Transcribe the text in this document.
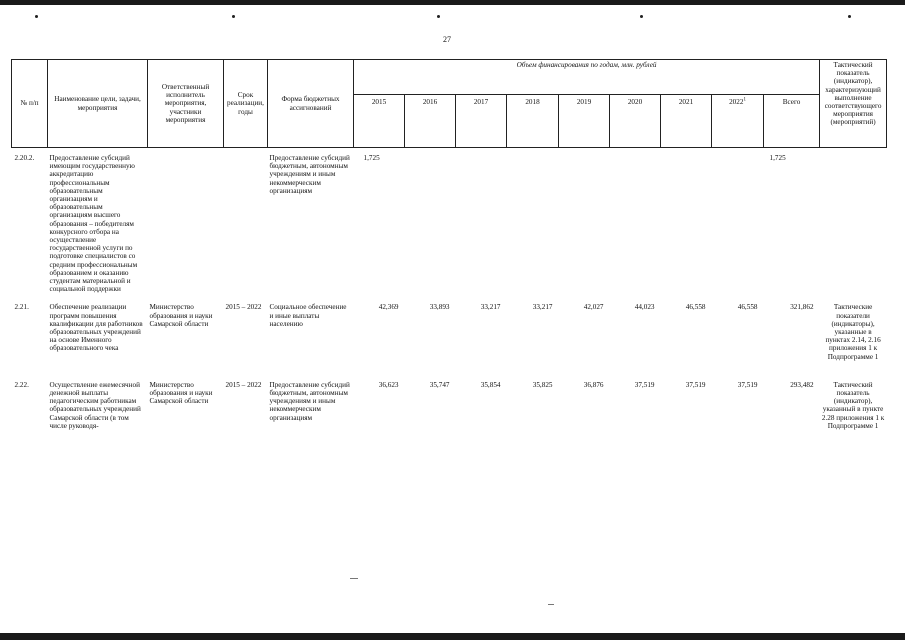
27
№ п/п	Наименование цели, задачи, мероприятия	Ответственный исполнитель мероприятия, участники мероприятия	Срок реализации, годы	Форма бюджетных ассигнований	Объем финансирования по годам, млн. рублей									Тактический показатель (индикатор), характеризующий выполнение соответствующего мероприятия (мероприятий)
					2015	2016	2017	2018	2019	2020	2021	2022$^1$	Всего	
2.20.2.	Предоставление субсидий имеющим государственную аккредитацию профессиональным образовательным организациям и образовательным организациям высшего образования – победителям конкурсного отбора на осуществление государственной услуги по подготовке специалистов со средним профессиональным образованием и оказанию студентам материальной и социальной поддержки			Предоставление субсидий бюджетным, автономным учреждениям и иным некоммерческим организациям	1,725								1,725	

2.21.	Обеспечение реализации программ повышения квалификации для работников образовательных учреждений на основе Именного образовательного чека	Министерство образования и науки Самарской области	2015 – 2022	Социальное обеспечение и иные выплаты населению	42,369	33,893	33,217	33,217	42,027	44,023	46,558	46,558	321,862	Тактические показатели (индикаторы), указанные в пунктах 2.14, 2.16 приложения 1 к Подпрограмме 1

2.22.	Осуществление ежемесячной денежной выплаты педагогическим работникам образовательных учреждений Самарской области (в том числе руководя-	Министерство образования и науки Самарской области	2015 – 2022	Предоставление субсидий бюджетным, автономным учреждениям и иным некоммерческим организациям	36,623	35,747	35,854	35,825	36,876	37,519	37,519	37,519	293,482	Тактический показатель (индикатор), указанный в пункте 2.28 приложения 1 к Подпрограмме 1
